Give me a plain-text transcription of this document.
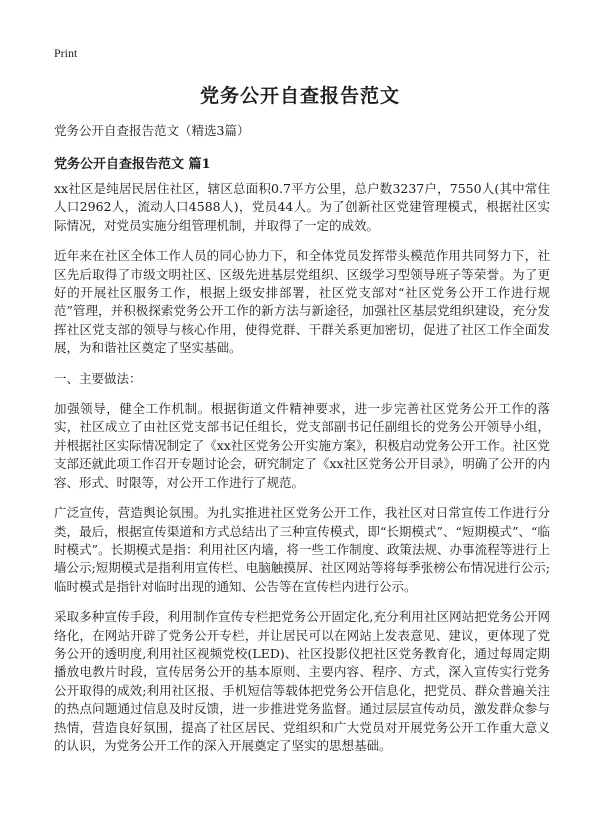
Print
党务公开自查报告范文
党务公开自查报告范文（精选3篇）
党务公开自查报告范文 篇1

xx社区是纯居民居住社区，辖区总面积0.7平方公里，总户数3237户，7550人(其中常住人口2962人，流动人口4588人)，党员44人。为了创新社区党建管理模式，根据社区实际情况，对党员实施分组管理机制，并取得了一定的成效。

近年来在社区全体工作人员的同心协力下，和全体党员发挥带头模范作用共同努力下，社区先后取得了市级文明社区、区级先进基层党组织、区级学习型领导班子等荣誉。为了更好的开展社区服务工作，根据上级安排部署，社区党支部对“社区党务公开工作进行规范”管理，并积极探索党务公开工作的新方法与新途径，加强社区基层党组织建设，充分发挥社区党支部的领导与核心作用，使得党群、干群关系更加密切，促进了社区工作全面发展，为和谐社区奠定了坚实基础。

一、主要做法：

加强领导，健全工作机制。根据街道文件精神要求，进一步完善社区党务公开工作的落实，社区成立了由社区党支部书记任组长，党支部副书记任副组长的党务公开领导小组，并根据社区实际情况制定了《xx社区党务公开实施方案》，积极启动党务公开工作。社区党支部还就此项工作召开专题讨论会，研究制定了《xx社区党务公开目录》，明确了公开的内容、形式、时限等，对公开工作进行了规范。

广泛宣传，营造舆论氛围。为扎实推进社区党务公开工作，我社区对日常宣传工作进行分类，最后，根据宣传渠道和方式总结出了三种宣传模式，即“长期模式”、“短期模式”、“临时模式”。长期模式是指：利用社区内墙，将一些工作制度、政策法规、办事流程等进行上墙公示;短期模式是指利用宣传栏、电脑触摸屏、社区网站等将每季张榜公布情况进行公示;临时模式是指针对临时出现的通知、公告等在宣传栏内进行公示。

采取多种宣传手段，利用制作宣传专栏把党务公开固定化,充分利用社区网站把党务公开网络化，在网站开辟了党务公开专栏，并让居民可以在网站上发表意见、建议，更体现了党务公开的透明度,利用社区视频党校(LED)、社区投影仪把社区党务教育化，通过每周定期播放电教片时段，宣传居务公开的基本原则、主要内容、程序、方式，深入宣传实行党务公开取得的成效;利用社区报、手机短信等载体把党务公开信息化，把党员、群众普遍关注的热点问题通过信息及时反馈，进一步推进党务监督。通过层层宣传动员，激发群众参与热情，营造良好氛围，提高了社区居民、党组织和广大党员对开展党务公开工作重大意义的认识，为党务公开工作的深入开展奠定了坚实的思想基础。
